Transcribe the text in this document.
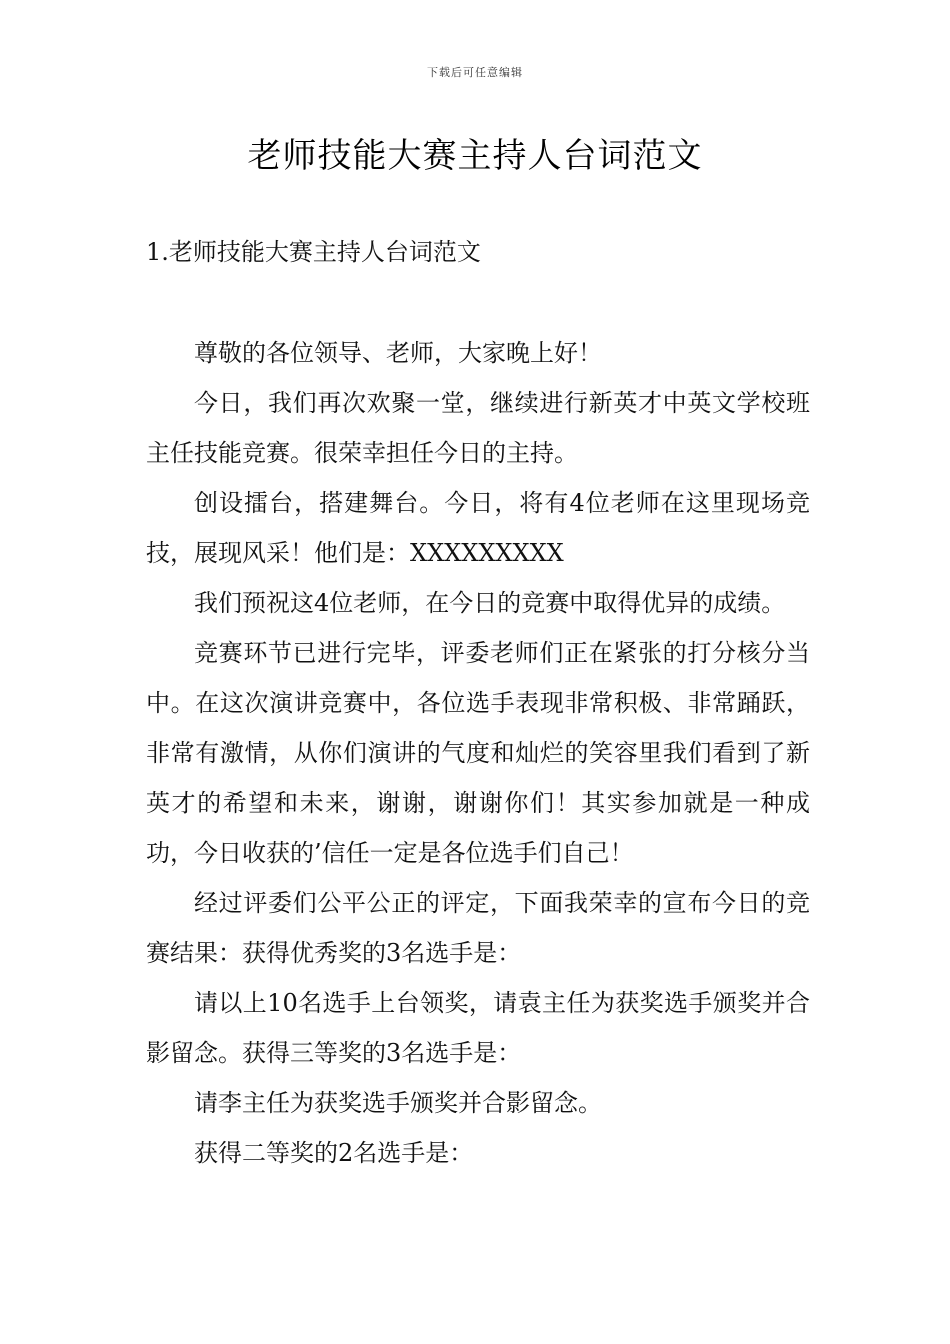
下载后可任意编辑
老师技能大赛主持人台词范文
1.老师技能大赛主持人台词范文

尊敬的各位领导、老师，大家晚上好！

今日，我们再次欢聚一堂，继续进行新英才中英文学校班主任技能竞赛。很荣幸担任今日的主持。

创设擂台，搭建舞台。今日，将有4位老师在这里现场竞技，展现风采！他们是：XXXXXXXXX

我们预祝这4位老师，在今日的竞赛中取得优异的成绩。

竞赛环节已进行完毕，评委老师们正在紧张的打分核分当中。在这次演讲竞赛中，各位选手表现非常积极、非常踊跃，非常有激情，从你们演讲的气度和灿烂的笑容里我们看到了新英才的希望和未来，谢谢，谢谢你们！其实参加就是一种成功，今日收获的’信任一定是各位选手们自己！

经过评委们公平公正的评定，下面我荣幸的宣布今日的竞赛结果：获得优秀奖的3名选手是：

请以上10名选手上台领奖，请袁主任为获奖选手颁奖并合影留念。获得三等奖的3名选手是：

请李主任为获奖选手颁奖并合影留念。

获得二等奖的2名选手是：
